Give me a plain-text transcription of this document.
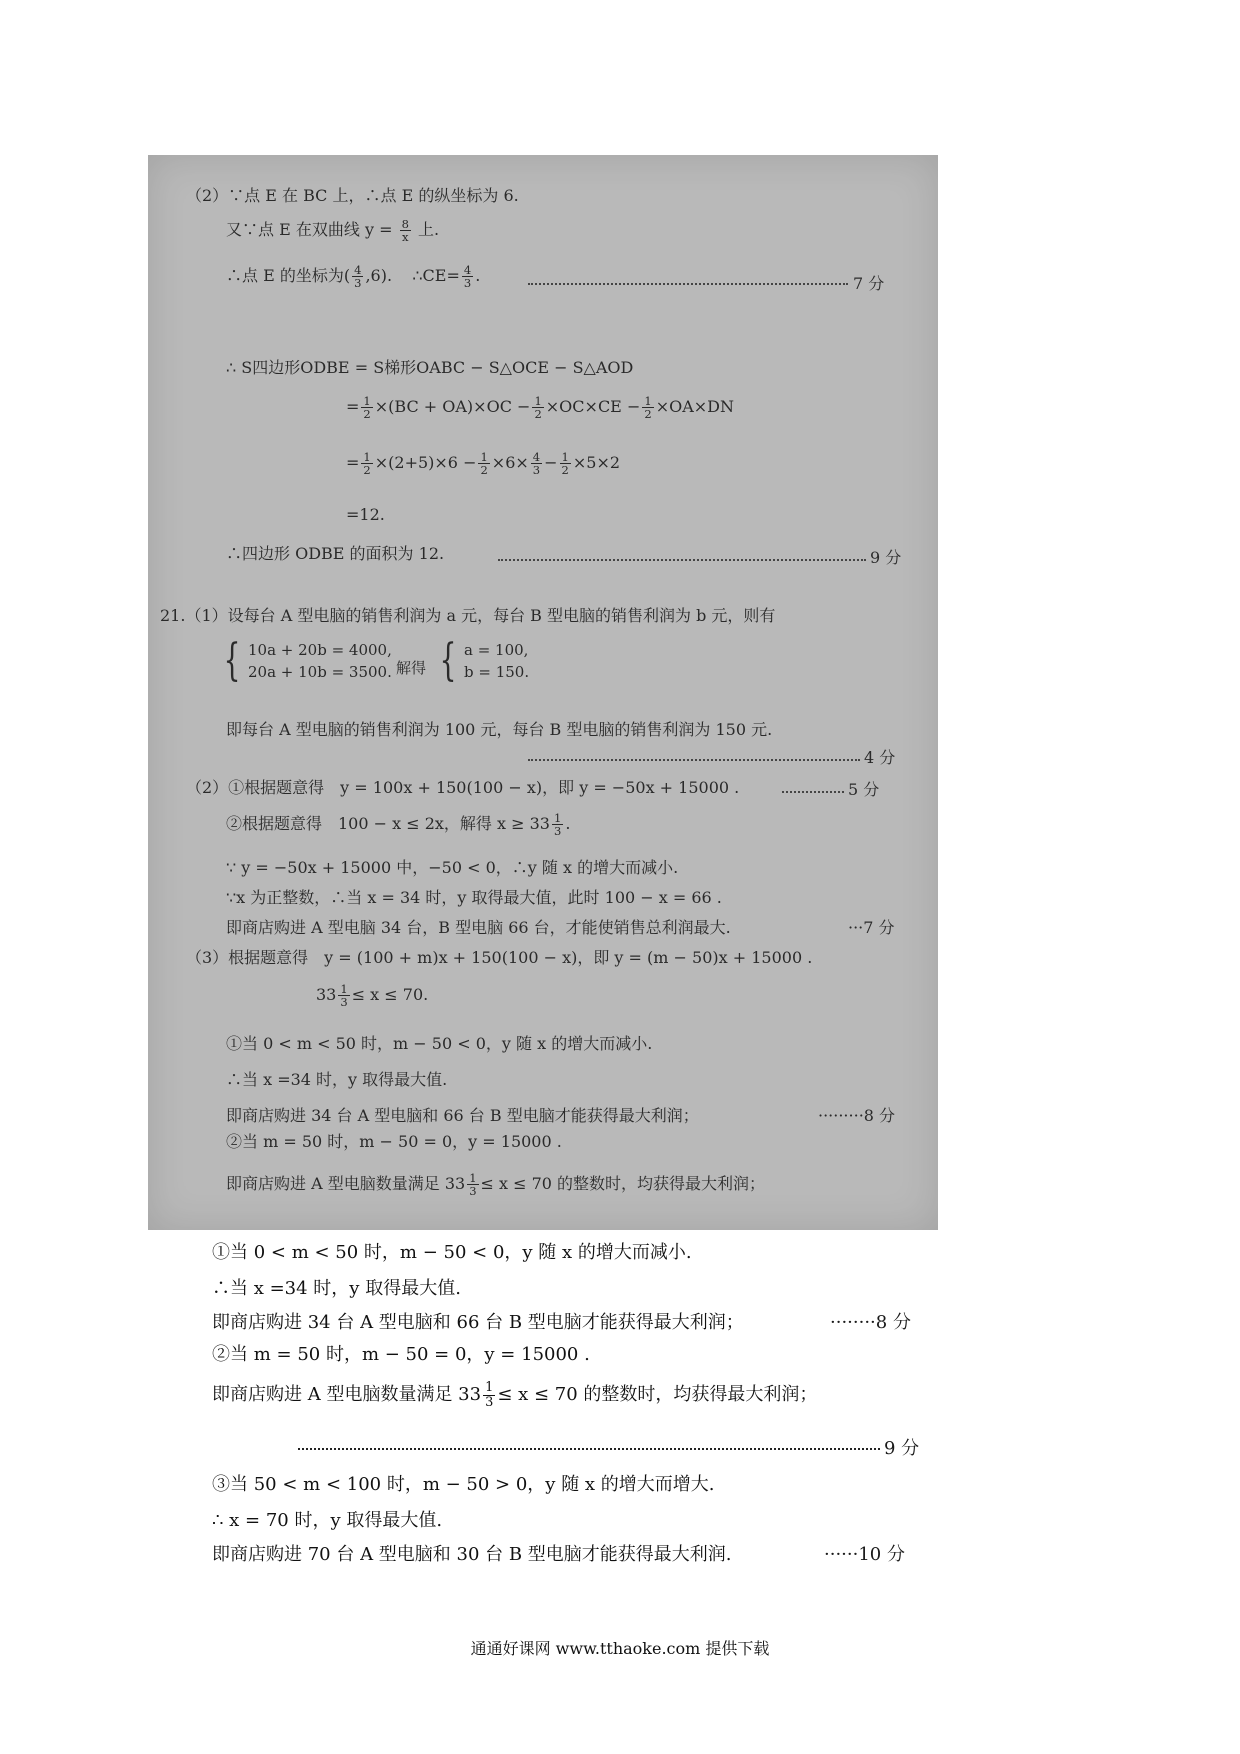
（2）∵点 E 在 BC 上，∴点 E 的纵坐标为 6.
又∵点 E 在双曲线 $y = \frac{8}{x}$ 上.
∴点 E 的坐标为( $\frac{4}{3} ,6$). ∴CE= $\frac{4}{3}$ .	7 分
∴ S四边形ODBE = S梯形OABC − S△OCE − S△AOD
= $\frac{1}{2} \times(BC + OA)\times OC - \frac{1}{2} \times OC\times CE - \frac{1}{2} \times OA\times DN$
= $\frac{1}{2} \times(2+5)\times 6 - \frac{1}{2} \times 6\times \frac{4}{3} - \frac{1}{2} \times 5\times 2$
=12.
∴四边形 ODBE 的面积为 12.	9 分
21.（1）设每台 A 型电脑的销售利润为 a 元，每台 B 型电脑的销售利润为 b 元，则有
{ 10a + 20b = 4000,
20a + 10b = 3500. 解得 { a = 100,
b = 150.
即每台 A 型电脑的销售利润为 100 元，每台 B 型电脑的销售利润为 150 元.
4 分
（2）①根据题意得　y = 100x + 150(100 − x)，即 y = −50x + 15000 .	5 分
②根据题意得　100 − x ≤ 2x，解得 $x \ge 33 \frac{1}{3}$ .
∵ y = −50x + 15000 中，−50 < 0，∴y 随 x 的增大而减小.
∵x 为正整数，∴当 x = 34 时，y 取得最大值，此时 100 − x = 66 .
即商店购进 A 型电脑 34 台，B 型电脑 66 台，才能使销售总利润最大.	···7 分
（3）根据题意得　y = (100 + m)x + 150(100 − x)，即 y = (m − 50)x + 15000 .
$33 \frac{1}{3} \le x \le 70$.
①当 0 < m < 50 时，m − 50 < 0，y 随 x 的增大而减小.
∴当 x =34 时，y 取得最大值.
即商店购进 34 台 A 型电脑和 66 台 B 型电脑才能获得最大利润；	·········8 分
②当 m = 50 时，m − 50 = 0，y = 15000 .
即商店购进 A 型电脑数量满足 $33 \frac{1}{3} \le x \le 70$ 的整数时，均获得最大利润；
①当 0 < m < 50 时，m − 50 < 0，y 随 x 的增大而减小.
∴当 x =34 时，y 取得最大值.
即商店购进 34 台 A 型电脑和 66 台 B 型电脑才能获得最大利润；	········8 分
②当 m = 50 时，m − 50 = 0，y = 15000 .
即商店购进 A 型电脑数量满足 $33 \frac{1}{3} \le x \le 70$ 的整数时，均获得最大利润；
9 分
③当 50 < m < 100 时，m − 50 > 0，y 随 x 的增大而增大.
∴ x = 70 时，y 取得最大值.
即商店购进 70 台 A 型电脑和 30 台 B 型电脑才能获得最大利润.	······10 分
通通好课网 www.tthaoke.com 提供下载
